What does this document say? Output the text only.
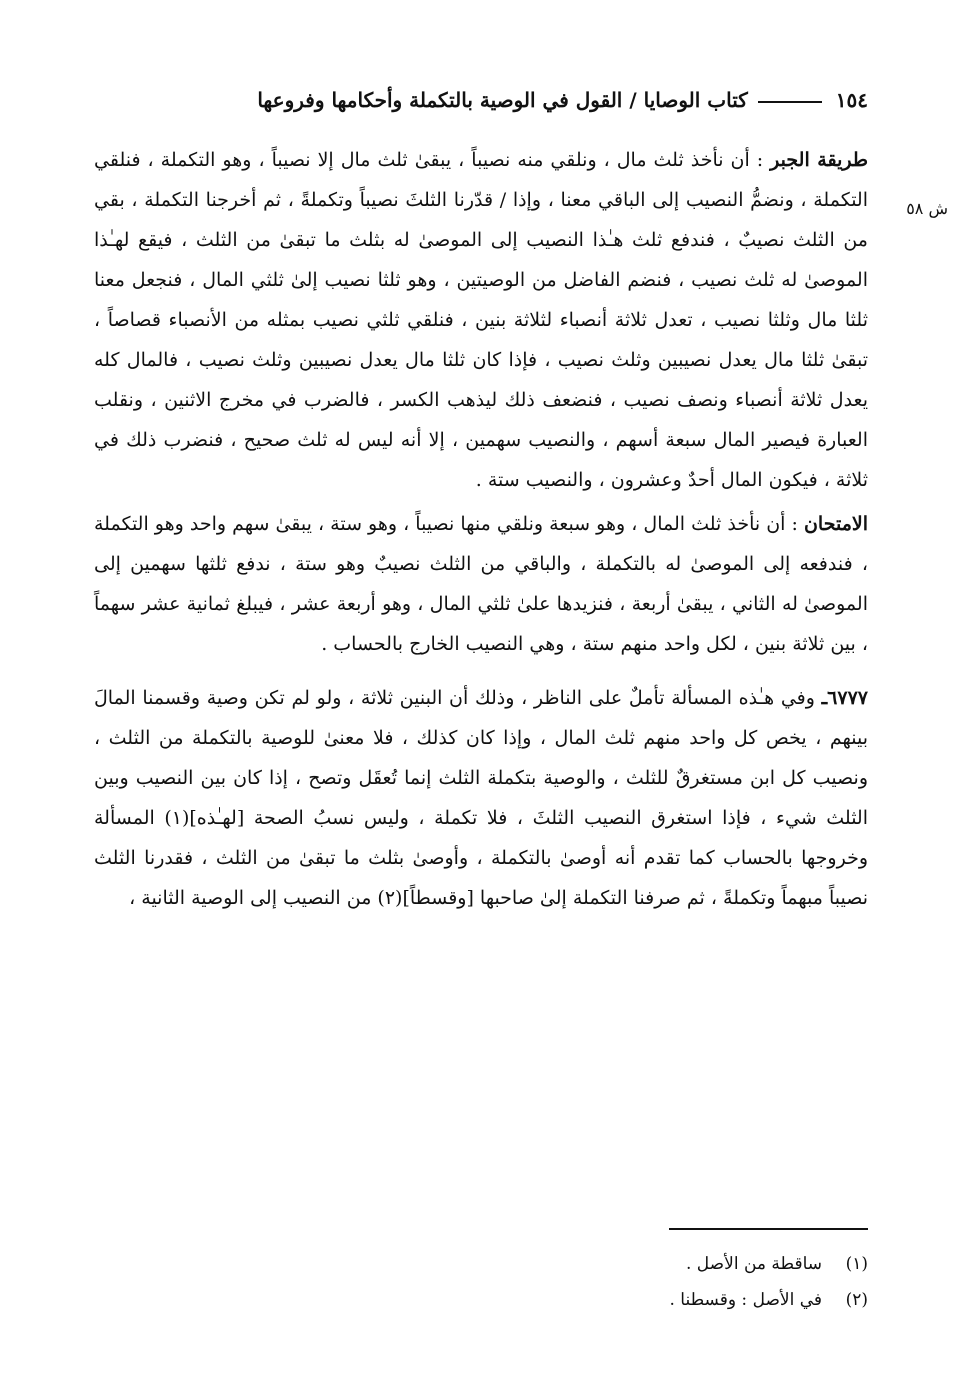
١٥٤
كتاب الوصايا / القول في الوصية بالتكملة وأحكامها وفروعها
ش ٥٨

طريقة الجبر : أن نأخذ ثلث مال ، ونلقي منه نصيباً ، يبقىٰ ثلث مال إلا نصيباً ، وهو التكملة ، فنلقي التكملة ، ونضمُّ النصيب إلى الباقي معنا ، وإذا / قدّرنا الثلثَ نصيباً وتكملةً ، ثم أخرجنا التكملة ، بقي من الثلث نصيبٌ ، فندفع ثلث هـٰذا النصيب إلى الموصىٰ له بثلث ما تبقىٰ من الثلث ، فيقع لهـٰذا الموصىٰ له ثلث نصيب ، فنضم الفاضل من الوصيتين ، وهو ثلثا نصيب إلىٰ ثلثي المال ، فنجعل معنا ثلثا مال وثلثا نصيب ، تعدل ثلاثة أنصباء لثلاثة بنين ، فنلقي ثلثي نصيب بمثله من الأنصباء قصاصاً ، تبقىٰ ثلثا مال يعدل نصيبين وثلث نصيب ، فإذا كان ثلثا مال يعدل نصيبين وثلث نصيب ، فالمال كله يعدل ثلاثة أنصباء ونصف نصيب ، فنضعف ذلك ليذهب الكسر ، فالضرب في مخرج الاثنين ، ونقلب العبارة فيصير المال سبعة أسهم ، والنصيب سهمين ، إلا أنه ليس له ثلث صحيح ، فنضرب ذلك في ثلاثة ، فيكون المال أحدٌ وعشرون ، والنصيب ستة .

الامتحان : أن نأخذ ثلث المال ، وهو سبعة ونلقي منها نصيباً ، وهو ستة ، يبقىٰ سهم واحد وهو التكملة ، فندفعه إلى الموصىٰ له بالتكملة ، والباقي من الثلث نصيبٌ وهو ستة ، ندفع ثلثها سهمين إلى الموصىٰ له الثاني ، يبقىٰ أربعة ، فنزيدها علىٰ ثلثي المال ، وهو أربعة عشر ، فيبلغ ثمانية عشر سهماً ، بين ثلاثة بنين ، لكل واحد منهم ستة ، وهي النصيب الخارج بالحساب .

٦٧٧٧ـ وفي هـٰذه المسألة تأملٌ على الناظر ، وذلك أن البنين ثلاثة ، ولو لم تكن وصية وقسمنا المالَ بينهم ، يخص كل واحد منهم ثلث المال ، وإذا كان كذلك ، فلا معنىٰ للوصية بالتكملة من الثلث ، ونصيب كل ابن مستغرقٌ للثلث ، والوصية بتكملة الثلث إنما تُعقَل وتصح ، إذا كان بين النصيب وبين الثلث شيء ، فإذا استغرق النصيب الثلثَ ، فلا تكملة ، وليس نسبُ الصحة [لهـٰذه](١) المسألة وخروجها بالحساب كما تقدم أنه أوصىٰ بالتكملة ، وأوصىٰ بثلث ما تبقىٰ من الثلث ، فقدرنا الثلث نصيباً مبهماً وتكملةً ، ثم صرفنا التكملة إلىٰ صاحبها [وقسطاً](٢) من النصيب إلى الوصية الثانية ،

(١)
ساقطة من الأصل .
(٢)
في الأصل : وقسطنا .
